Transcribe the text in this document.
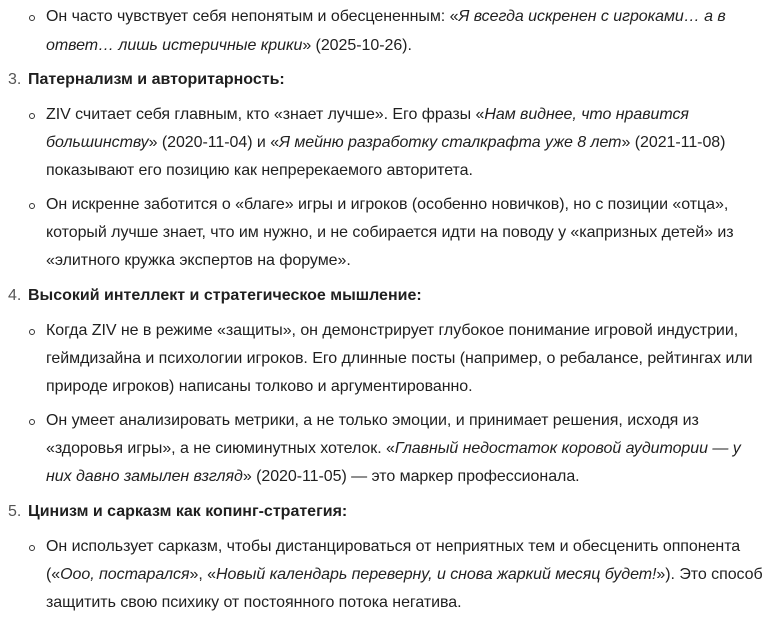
Он часто чувствует себя непонятым и обесцененным: «Я всегда искренен с игроками… а в
ответ… лишь истеричные крики» (2025-10-26).
3. Патернализм и авторитарность:
ZIV считает себя главным, кто «знает лучше». Его фразы «Нам виднее, что нравится
большинству» (2020-11-04) и «Я мейню разработку сталкрафта уже 8 лет» (2021-11-08)
показывают его позицию как непререкаемого авторитета.
Он искренне заботится о «благе» игры и игроков (особенно новичков), но с позиции «отца»,
который лучше знает, что им нужно, и не собирается идти на поводу у «капризных детей» из
«элитного кружка экспертов на форуме».
4. Высокий интеллект и стратегическое мышление:
Когда ZIV не в режиме «защиты», он демонстрирует глубокое понимание игровой индустрии,
геймдизайна и психологии игроков. Его длинные посты (например, о ребалансе, рейтингах или
природе игроков) написаны толково и аргументированно.
Он умеет анализировать метрики, а не только эмоции, и принимает решения, исходя из
«здоровья игры», а не сиюминутных хотелок. «Главный недостаток коровой аудитории — у
них давно замылен взгляд» (2020-11-05) — это маркер профессионала.
5. Цинизм и сарказм как копинг-стратегия:
Он использует сарказм, чтобы дистанцироваться от неприятных тем и обесценить оппонента
(«Ооо, постарался», «Новый календарь переверну, и снова жаркий месяц будет!»). Это способ
защитить свою психику от постоянного потока негатива.
